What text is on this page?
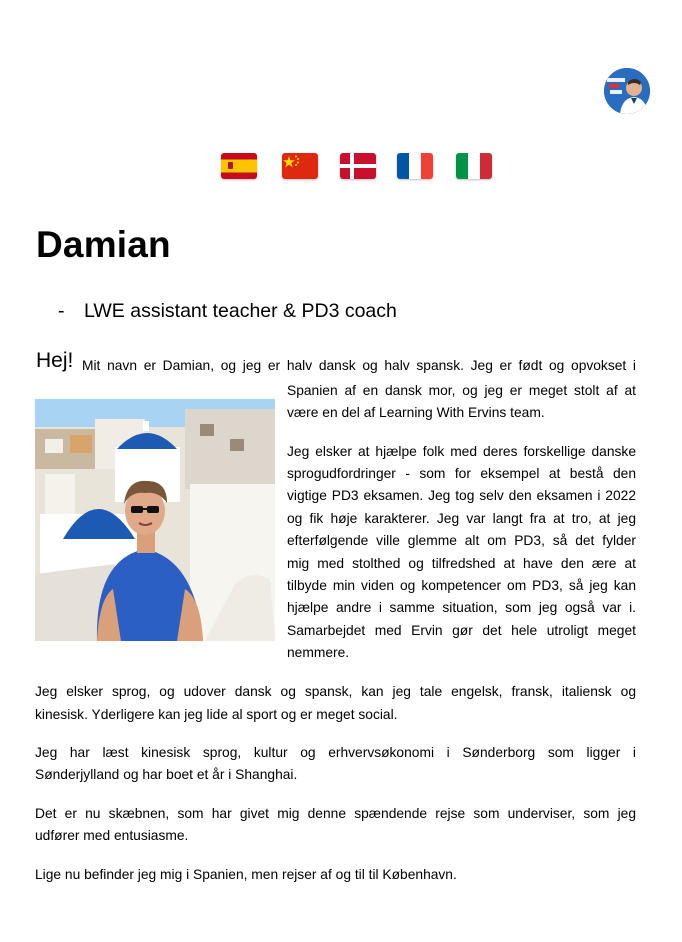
Damian
- LWE assistant teacher & PD3 coach
Hej! Mit navn er Damian, og jeg er halv dansk og halv spansk. Jeg er født og opvokset i
Spanien af en dansk mor, og jeg er meget stolt af at
være en del af Learning With Ervins team.
Jeg elsker at hjælpe folk med deres forskellige danske
sprogudfordringer - som for eksempel at bestå den
vigtige PD3 eksamen. Jeg tog selv den eksamen i 2022
og fik høje karakterer. Jeg var langt fra at tro, at jeg
efterfølgende ville glemme alt om PD3, så det fylder
mig med stolthed og tilfredshed at have den ære at
tilbyde min viden og kompetencer om PD3, så jeg kan
hjælpe andre i samme situation, som jeg også var i.
Samarbejdet med Ervin gør det hele utroligt meget
nemmere.
Jeg elsker sprog, og udover dansk og spansk, kan jeg tale engelsk, fransk, italiensk og
kinesisk. Yderligere kan jeg lide al sport og er meget social.
Jeg har læst kinesisk sprog, kultur og erhvervsøkonomi i Sønderborg som ligger i
Sønderjylland og har boet et år i Shanghai.
Det er nu skæbnen, som har givet mig denne spændende rejse som underviser, som jeg
udfører med entusiasme.
Lige nu befinder jeg mig i Spanien, men rejser af og til til København.
